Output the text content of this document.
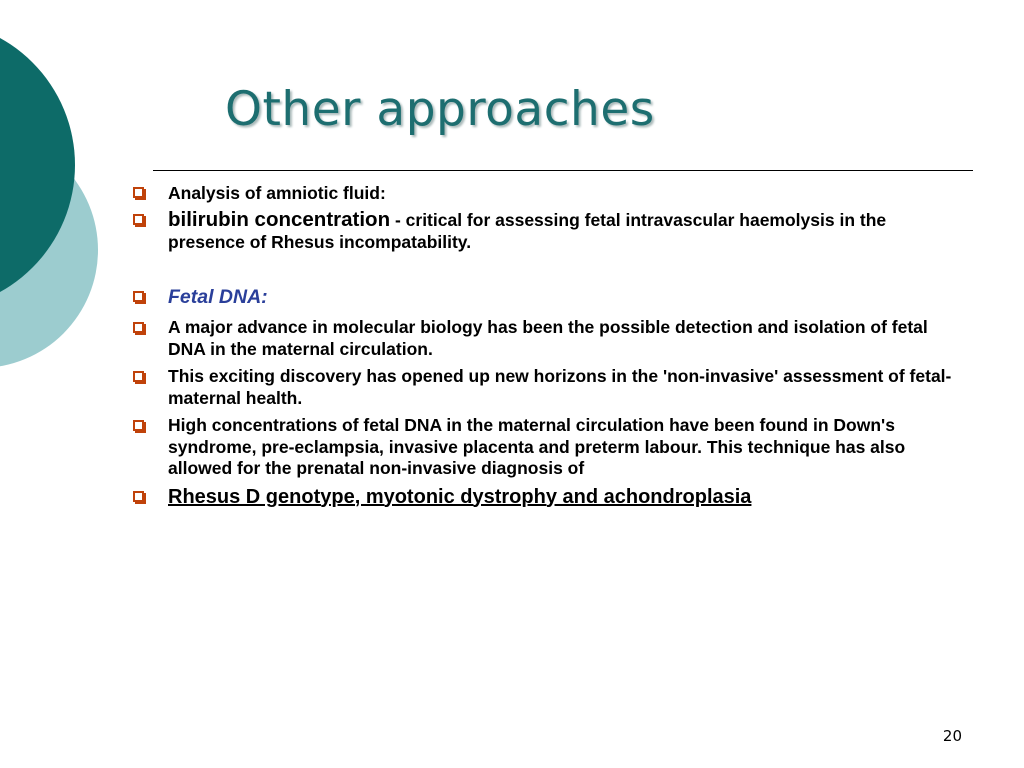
Other approaches
Analysis of amniotic fluid:
bilirubin concentration - critical for assessing fetal intravascular haemolysis in the presence of Rhesus incompatability.
Fetal DNA:
A major advance in molecular biology has been the possible detection and isolation of fetal DNA in the maternal circulation.
This exciting discovery has opened up new horizons in the 'non-invasive' assessment of fetal-maternal health.
High concentrations of fetal DNA in the maternal circulation have been found in Down's syndrome, pre-eclampsia, invasive placenta and preterm labour. This technique has also allowed for the prenatal non-invasive diagnosis of
Rhesus D genotype, myotonic dystrophy and achondroplasia
20
